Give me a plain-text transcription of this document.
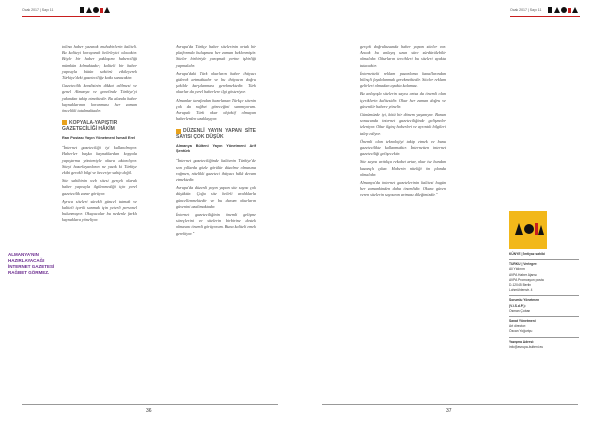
Ocak 2017 | Sayı 11

tolina haber yazarak muhabirlerin kaliteli. Bu kaliteyi koruyarak belirleyici olacaktır. Böyle bir haber yaklaşımı haberciliği mümkün kılmaktadır; kaliteli bir haber yapısıyla bütün sektörü etkileyerek Türkiye'deki gazeteciliğe katkı sunacaktır.

Gazetecilik kendisinin dikkat edilmesi ve genel Almanya ve genelinde Türkiye'yi yakından takip etmektedir. Bu alanda haber kaynaklarının korunması her zaman öncelikli tutulmaktadır.

KOPYALA-YAPIŞTIR GAZETECİLİĞİ HÂKİM
Ran Postası Yayın Yönetmeni İsmail Erel

"İnternet gazeteciliği iyi kullanılmıyor. Haberler başka kaynaklardan kopyala yapıştırma yöntemiyle okura aktarılıyor. Siteyi hazırlayanların ne yazık ki Türkiye ekibi gerekli bilgi ve beceriye sahip değil.

Site sahibinin web sitesi gerçek olarak haber yapısıyla ilgilenmediği için yerel gazetecilik zarar görüyor.

Ayrıca siteleri sürekli güncel tutmak ve kaliteli içerik sunmak için yeterli personel bulunmuyor. Okuyucular bu nedenle farklı kaynaklara yöneliyor.

ALMANYA'NIN HAZIRLAYACAĞI İNTERNET GAZETESİ RAĞBET GÖRMEZ.

Avrupa'da Türkçe haber sitelerinin ortak bir platformda buluşması her zaman beklenmiştir. Siteler birbiriyle yarışmak yerine işbirliği yapmalıdır.

Avrupa'daki Türk okurların haber ihtiyacı giderek artmaktadır ve bu ihtiyacın doğru şekilde karşılanması gerekmektedir. Türk okurlar da yerel haberlere ilgi gösteriyor.

Almanlar tarafından hazırlanan Türkçe sitenin çok da rağbet göreceğini sanmıyorum. Avrupalı Türk okur objektif olmayan haberlerden uzaklaşıyor.

DÜZENLİ YAYIN YAPAN SİTE SAYISI ÇOK DÜŞÜK
Almanya Bülteni Yayın Yönetmeni Arif Şentürk

"İnternet gazeteciliğinde kalitenin Türkiye'de son yıllarda gözle görülür düzelme olmasına rağmen, nitelikli gazeteci ihtiyacı hâlâ devam etmektedir.

Avrupa'da düzenli yayın yapan site sayısı çok düşüktür. Çoğu site belirli aralıklarla güncellenmektedir ve bu durum okurların güvenini azaltmaktadır.

İnternet gazeteciliğinin önemli gelişme süreçlerini ve sitelerin birbirine destek olmasını önemli görüyorum. Buna kaliteli emek gerekiyor."

36
Ocak 2017 | Sayı 11

gerçek doğrultusunda haber yapan siteler var. Ancak bu anlayış uzun süre sürdürülebilir olmalıdır. Okurların tercihleri bu siteleri ayakta tutacaktır.

İnternetteki reklam pazarlama kanallarından bilinçli faydalanmak gerekmektedir. Siteler reklam gelirleri olmadan ayakta kalamaz.

Bu anlayışla sitelerin sayısı artsa da önemli olan içeriklerin kalitesidir. Okur her zaman doğru ve güvenilir habere yönelir.

Günümüzde iyi, kötü bir dönem yaşanıyor. Bunun sonucunda internet gazeteciliğinde gelişmeler izleniyor. Okur ilginç haberleri ve ayrıntılı bilgileri talep ediyor.

Önemli olan teknolojiyi takip etmek ve bunu gazetecilikte kullanmaktır. İnternetten internet gazeteciliği gelişecektir.

Site sayısı arttıkça rekabet artar, okur ise bundan kazançlı çıkar. Haberin niteliği ön planda olmalıdır.

Almanya'da internet gazetelerinin kalitesi bugün her zamankinden daha önemlidir. Okura güven veren sitelerin sayısının artması dileğimizdir."

KÜNYE | İmtiyaz sahibi
TURKU | Verleger:
Ali Yıldırım
AVPA Haber Ajansı
AVPA Promosyon posta
D-12045 Berlin
Lohmühlenstr. 4
Sorumlu Yönetmen
(V.i.S.d.P.):
Osman Çoban
Sanat Yönetmeni
Art director:
Özcan Yoğurtçu
Yazışma Adresi:
info@avrupa-bulteni.eu
37
